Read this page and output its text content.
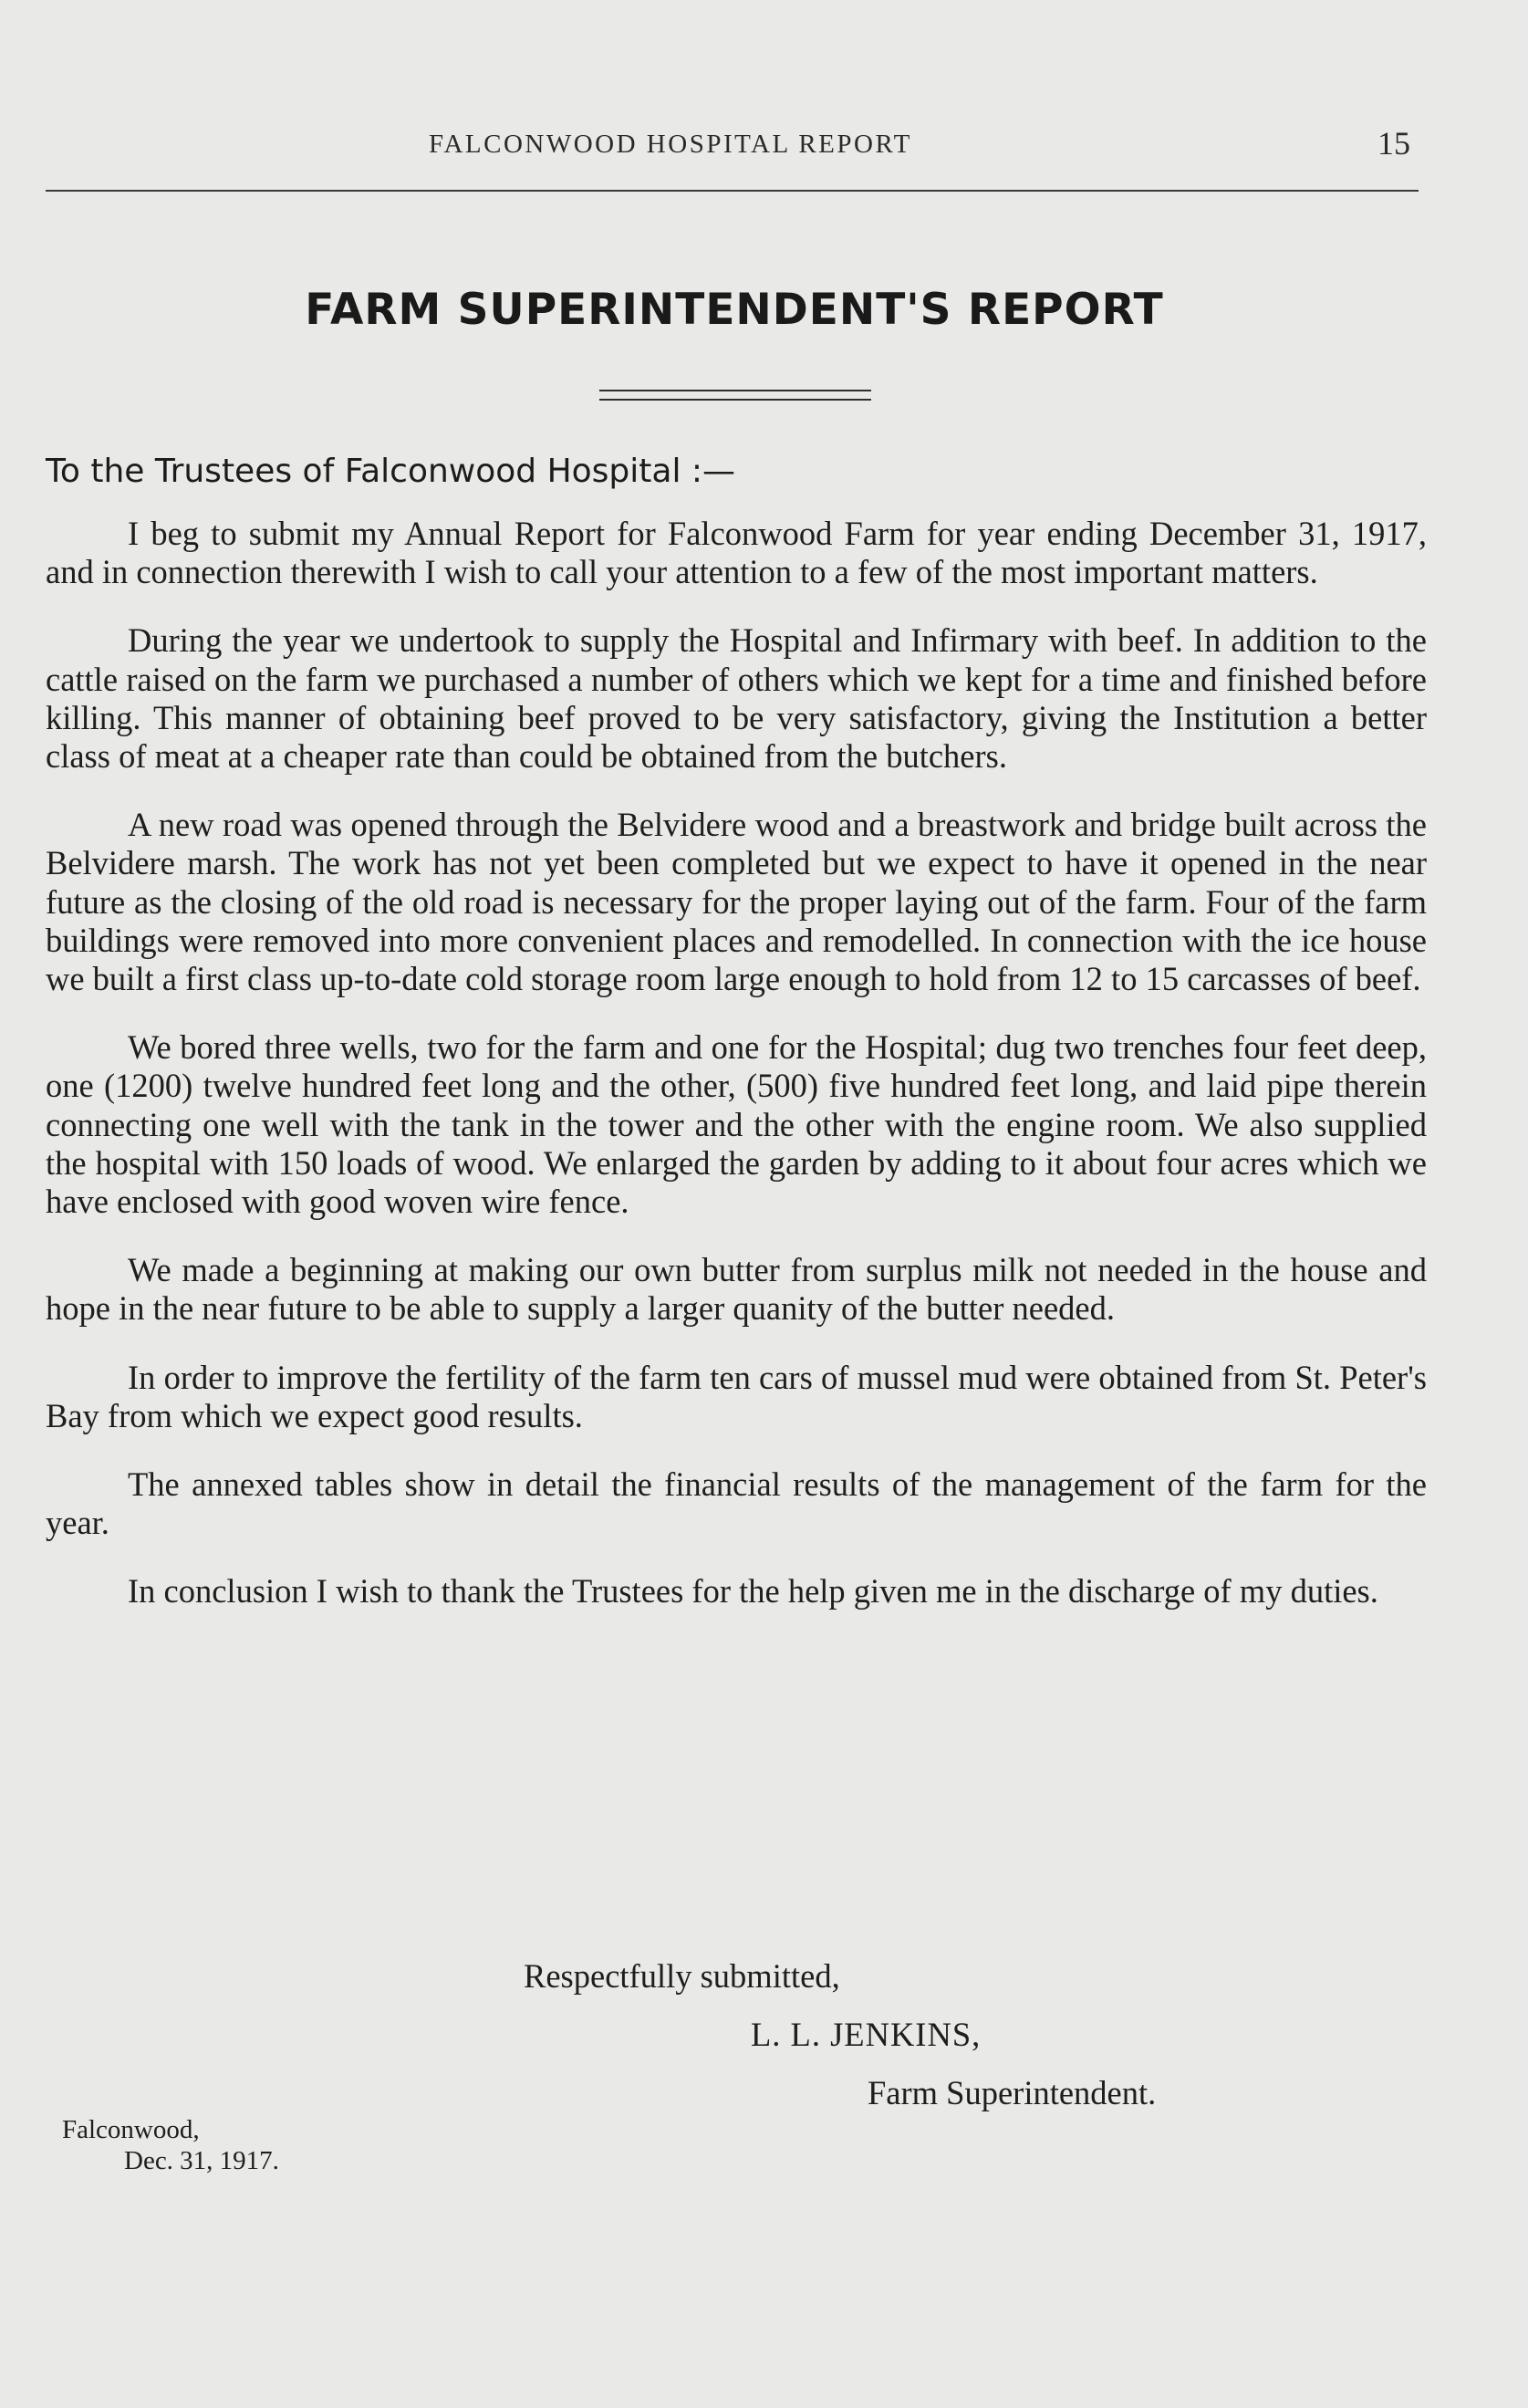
FALCONWOOD HOSPITAL REPORT	15
FARM SUPERINTENDENT'S REPORT
To the Trustees of Falconwood Hospital :—

I beg to submit my Annual Report for Falconwood Farm for year ending December 31, 1917, and in connection therewith I wish to call your attention to a few of the most important matters.

During the year we undertook to supply the Hospital and Infirmary with beef. In addition to the cattle raised on the farm we purchased a number of others which we kept for a time and finished before killing. This manner of obtaining beef proved to be very satisfactory, giving the Institution a better class of meat at a cheaper rate than could be obtained from the butchers.

A new road was opened through the Belvidere wood and a breastwork and bridge built across the Belvidere marsh. The work has not yet been completed but we expect to have it opened in the near future as the closing of the old road is necessary for the proper laying out of the farm. Four of the farm buildings were removed into more convenient places and remodelled. In connection with the ice house we built a first class up-to-date cold storage room large enough to hold from 12 to 15 carcasses of beef.

We bored three wells, two for the farm and one for the Hospital; dug two trenches four feet deep, one (1200) twelve hundred feet long and the other, (500) five hundred feet long, and laid pipe therein connecting one well with the tank in the tower and the other with the engine room. We also supplied the hospital with 150 loads of wood. We enlarged the garden by adding to it about four acres which we have enclosed with good woven wire fence.

We made a beginning at making our own butter from surplus milk not needed in the house and hope in the near future to be able to supply a larger quanity of the butter needed.

In order to improve the fertility of the farm ten cars of mussel mud were obtained from St. Peter's Bay from which we expect good results.

The annexed tables show in detail the financial results of the management of the farm for the year.

In conclusion I wish to thank the Trustees for the help given me in the discharge of my duties.

Respectfully submitted,
L. L. JENKINS,
Farm Superintendent.
Falconwood,
Dec. 31, 1917.
